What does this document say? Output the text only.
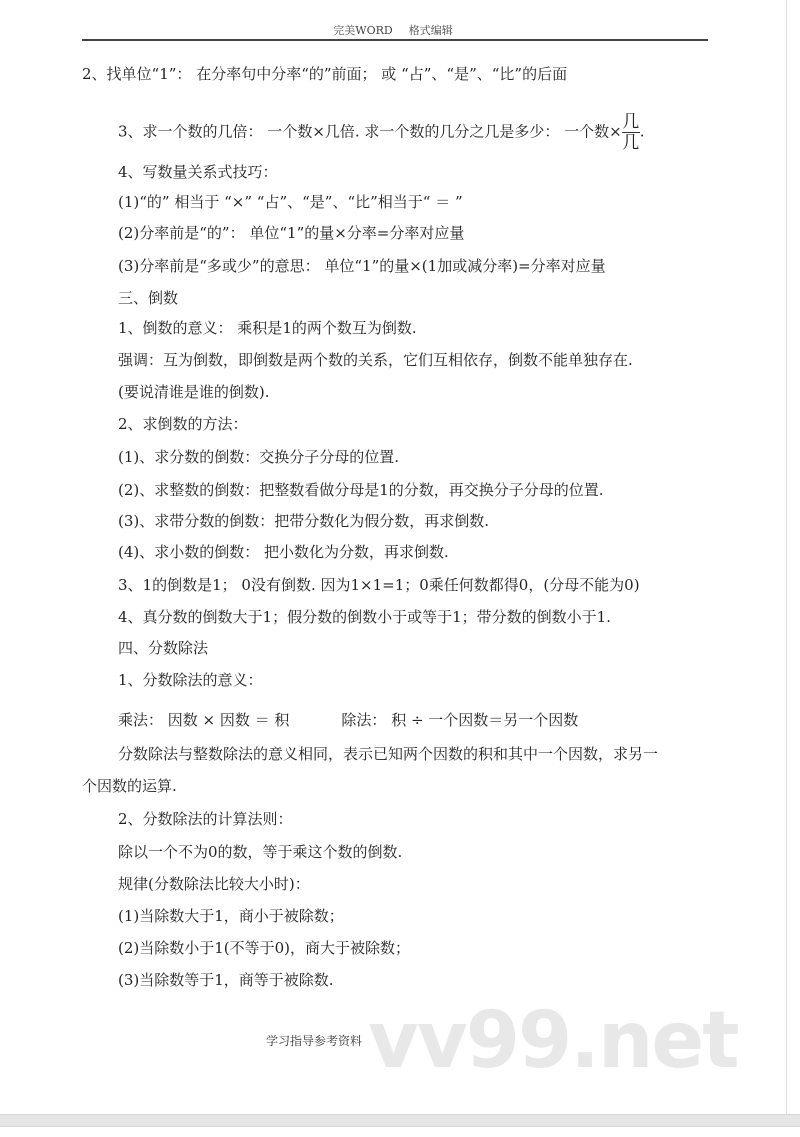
完美WORD 格式编辑
2、找单位“1”： 在分率句中分率“的”前面； 或 “占”、“是”、“比”的后面
3、求一个数的几倍： 一个数×几倍. 求一个数的几分之几是多少： 一个数× $\frac{\text{几}}{\text{几}}$ .
4、写数量关系式技巧：
(1)“的” 相当于 “×” “占”、“是”、“比”相当于“ ＝ ”
(2)分率前是“的”： 单位“1”的量×分率=分率对应量
(3)分率前是“多或少”的意思： 单位“1”的量×(1加或减分率)=分率对应量
三、倒数
1、倒数的意义： 乘积是1的两个数互为倒数.
强调：互为倒数，即倒数是两个数的关系，它们互相依存，倒数不能单独存在.
(要说清谁是谁的倒数).
2、求倒数的方法：
(1)、求分数的倒数：交换分子分母的位置.
(2)、求整数的倒数：把整数看做分母是1的分数，再交换分子分母的位置.
(3)、求带分数的倒数：把带分数化为假分数，再求倒数.
(4)、求小数的倒数： 把小数化为分数，再求倒数.
3、1的倒数是1； 0没有倒数. 因为1×1=1；0乘任何数都得0，(分母不能为0)
4、真分数的倒数大于1；假分数的倒数小于或等于1；带分数的倒数小于1.
四、分数除法
1、分数除法的意义：
乘法： 因数 × 因数 ＝ 积	除法： 积 ÷ 一个因数＝另一个因数
分数除法与整数除法的意义相同，表示已知两个因数的积和其中一个因数，求另一
个因数的运算.
2、分数除法的计算法则：
除以一个不为0的数，等于乘这个数的倒数.
规律(分数除法比较大小时)：
(1)当除数大于1，商小于被除数；
(2)当除数小于1(不等于0)，商大于被除数；
(3)当除数等于1，商等于被除数.
vv99.net
学习指导参考资料
